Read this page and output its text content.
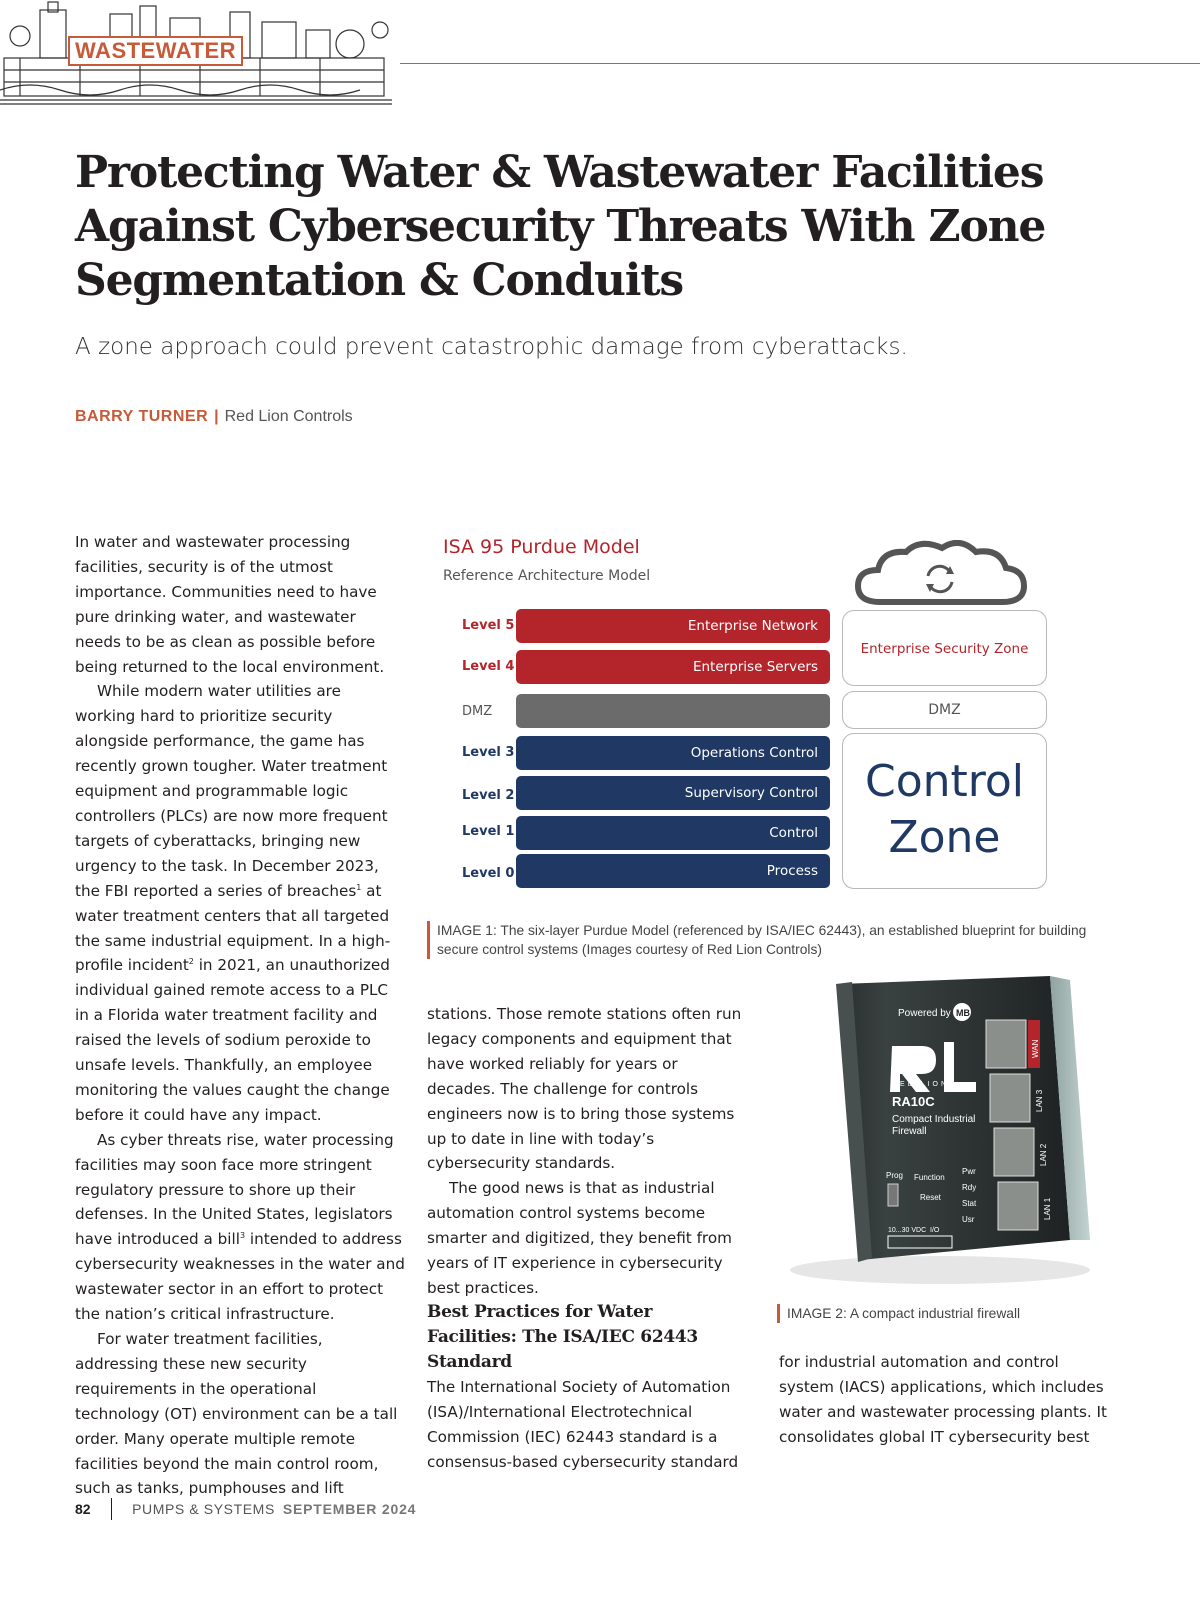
WASTEWATER
Protecting Water & Wastewater Facilities Against Cybersecurity Threats With Zone Segmentation & Conduits

A zone approach could prevent catastrophic damage from cyberattacks.

BARRY TURNER | Red Lion Controls

In water and wastewater processing facilities, security is of the utmost importance. Communities need to have pure drinking water, and wastewater needs to be as clean as possible before being returned to the local environment.

While modern water utilities are working hard to prioritize security alongside performance, the game has recently grown tougher. Water treatment equipment and programmable logic controllers (PLCs) are now more frequent targets of cyberattacks, bringing new urgency to the task. In December 2023, the FBI reported a series of breaches$^1$ at water treatment centers that all targeted the same industrial equipment. In a high-profile incident$^2$ in 2021, an unauthorized individual gained remote access to a PLC in a Florida water treatment facility and raised the levels of sodium peroxide to unsafe levels. Thankfully, an employee monitoring the values caught the change before it could have any impact.

As cyber threats rise, water processing facilities may soon face more stringent regulatory pressure to shore up their defenses. In the United States, legislators have introduced a bill$^3$ intended to address cybersecurity weaknesses in the water and wastewater sector in an effort to protect the nation’s critical infrastructure.

For water treatment facilities, addressing these new security requirements in the operational technology (OT) environment can be a tall order. Many operate multiple remote facilities beyond the main control room, such as tanks, pumphouses and lift

ISA 95 Purdue Model
Reference Architecture Model
Level 5	Enterprise Network
Level 4	Enterprise Servers
DMZ
Level 3	Operations Control
Level 2	Supervisory Control
Level 1	Control
Level 0	Process
Enterprise Security Zone
DMZ
Control
Zone
IMAGE 1: The six-layer Purdue Model (referenced by ISA/IEC 62443), an established blueprint for building secure control systems (Images courtesy of Red Lion Controls)

stations. Those remote stations often run legacy components and equipment that have worked reliably for years or decades. The challenge for controls engineers now is to bring those systems up to date in line with today’s cybersecurity standards.

The good news is that as industrial automation control systems become smarter and digitized, they benefit from years of IT experience in cybersecurity best practices.

Best Practices for Water Facilities: The ISA/IEC 62443 Standard

The International Society of Automation (ISA)/International Electrotechnical Commission (IEC) 62443 standard is a consensus-based cybersecurity standard

Powered by MB
RED LION
RA10C
Compact Industrial
Firewall
WAN
LAN 3
LAN 2
LAN 1
Prog Function
Reset
Pwr
Rdy
Stat
Usr
10...30 VDC I/O
IMAGE 2: A compact industrial firewall

for industrial automation and control system (IACS) applications, which includes water and wastewater processing plants. It consolidates global IT cybersecurity best

82	PUMPS & SYSTEMS SEPTEMBER 2024
